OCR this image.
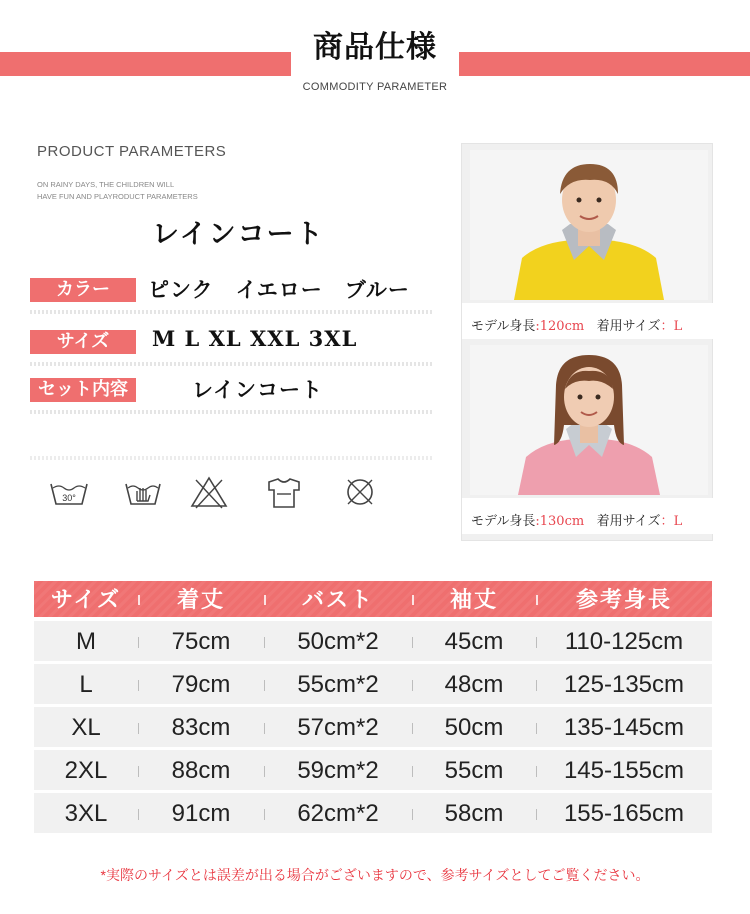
商品仕様
COMMODITY PARAMETER
PRODUCT PARAMETERS
ON RAINY DAYS, THE CHILDREN WILL
HAVE FUN AND PLAYRODUCT PARAMETERS
レインコート
カラー	ピンク　イエロー　ブルー
サイズ	M L XL XXL 3XL
セット内容	レインコート
30°
モデル身長:120cm 着用サイズ：L
モデル身長:130cm 着用サイズ：L
サイズ	着丈	バスト	袖丈	参考身長
M	75cm	50cm*2	45cm	110-125cm
L	79cm	55cm*2	48cm	125-135cm
XL	83cm	57cm*2	50cm	135-145cm
2XL	88cm	59cm*2	55cm	145-155cm
3XL	91cm	62cm*2	58cm	155-165cm
*実際のサイズとは誤差が出る場合がございますので、参考サイズとしてご覧ください。
